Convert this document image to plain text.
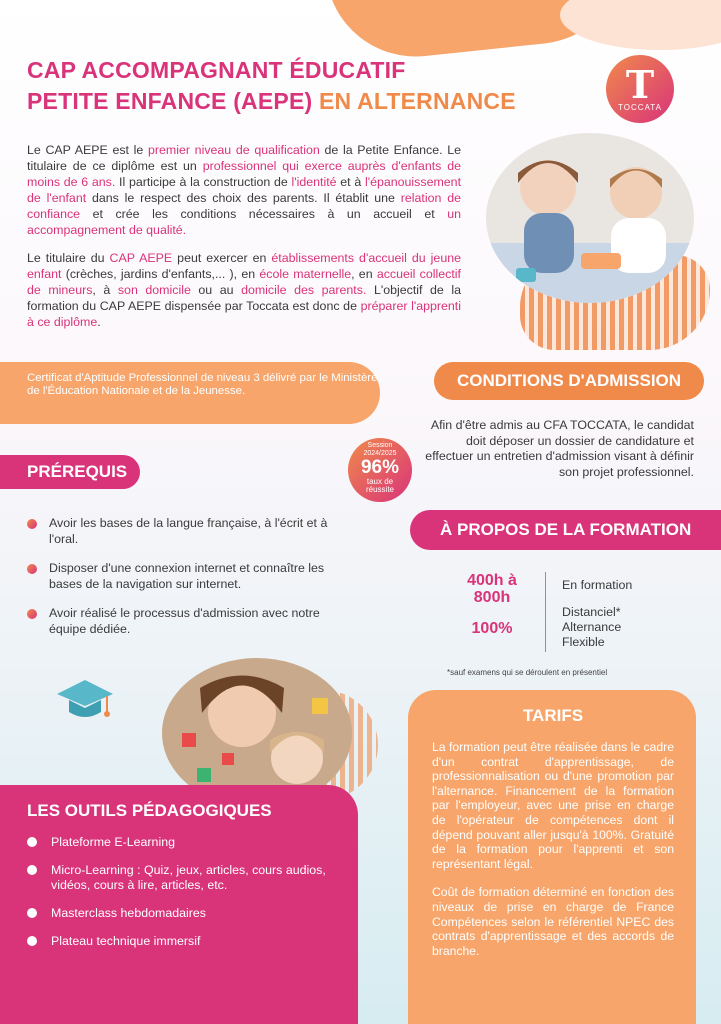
CAP ACCOMPAGNANT ÉDUCATIF
PETITE ENFANCE (AEPE) EN ALTERNANCE	T
TOCCATA
Le CAP AEPE est le premier niveau de qualification de la Petite Enfance. Le titulaire de ce diplôme est un professionnel qui exerce auprès d'enfants de moins de 6 ans. Il participe à la construction de l'identité et à l'épanouissement de l'enfant dans le respect des choix des parents. Il établit une relation de confiance et crée les conditions nécessaires à un accueil et un accompagnement de qualité.
Le titulaire du CAP AEPE peut exercer en établissements d'accueil du jeune enfant (crèches, jardins d'enfants,... ), en école maternelle, en accueil collectif de mineurs, à son domicile ou au domicile des parents. L'objectif de la formation du CAP AEPE dispensée par Toccata est donc de préparer l'apprenti à ce diplôme.
Certificat d'Aptitude Professionnel de niveau 3 délivré par le Ministère de l'Éducation Nationale et de la Jeunesse.
CONDITIONS D'ADMISSION
Afin d'être admis au CFA TOCCATA, le candidat doit déposer un dossier de candidature et effectuer un entretien d'admission visant à définir son projet professionnel.
Session
2024/2025
96%
taux de
réussite
PRÉREQUIS
Avoir les bases de la langue française, à l'écrit et à l'oral.
Disposer d'une connexion internet et connaître les bases de la navigation sur internet.
Avoir réalisé le processus d'admission avec notre équipe dédiée.
À PROPOS DE LA FORMATION
400h à
800h
100%
En formation
Distanciel*
Alternance
Flexible
*sauf examens qui se déroulent en présentiel
TARIFS

La formation peut être réalisée dans le cadre d'un contrat d'apprentissage, de professionnalisation ou d'une promotion par l'alternance. Financement de la formation par l'employeur, avec une prise en charge de l'opérateur de compétences dont il dépend pouvant aller jusqu'à 100%. Gratuité de la formation pour l'apprenti et son représentant légal.

Coût de formation déterminé en fonction des niveaux de prise en charge de France Compétences selon le référentiel NPEC des contrats d'apprentissage et des accords de branche.

LES OUTILS PÉDAGOGIQUES
Plateforme E-Learning
Micro-Learning : Quiz, jeux, articles, cours audios, vidéos, cours à lire, articles, etc.
Masterclass hebdomadaires
Plateau technique immersif
